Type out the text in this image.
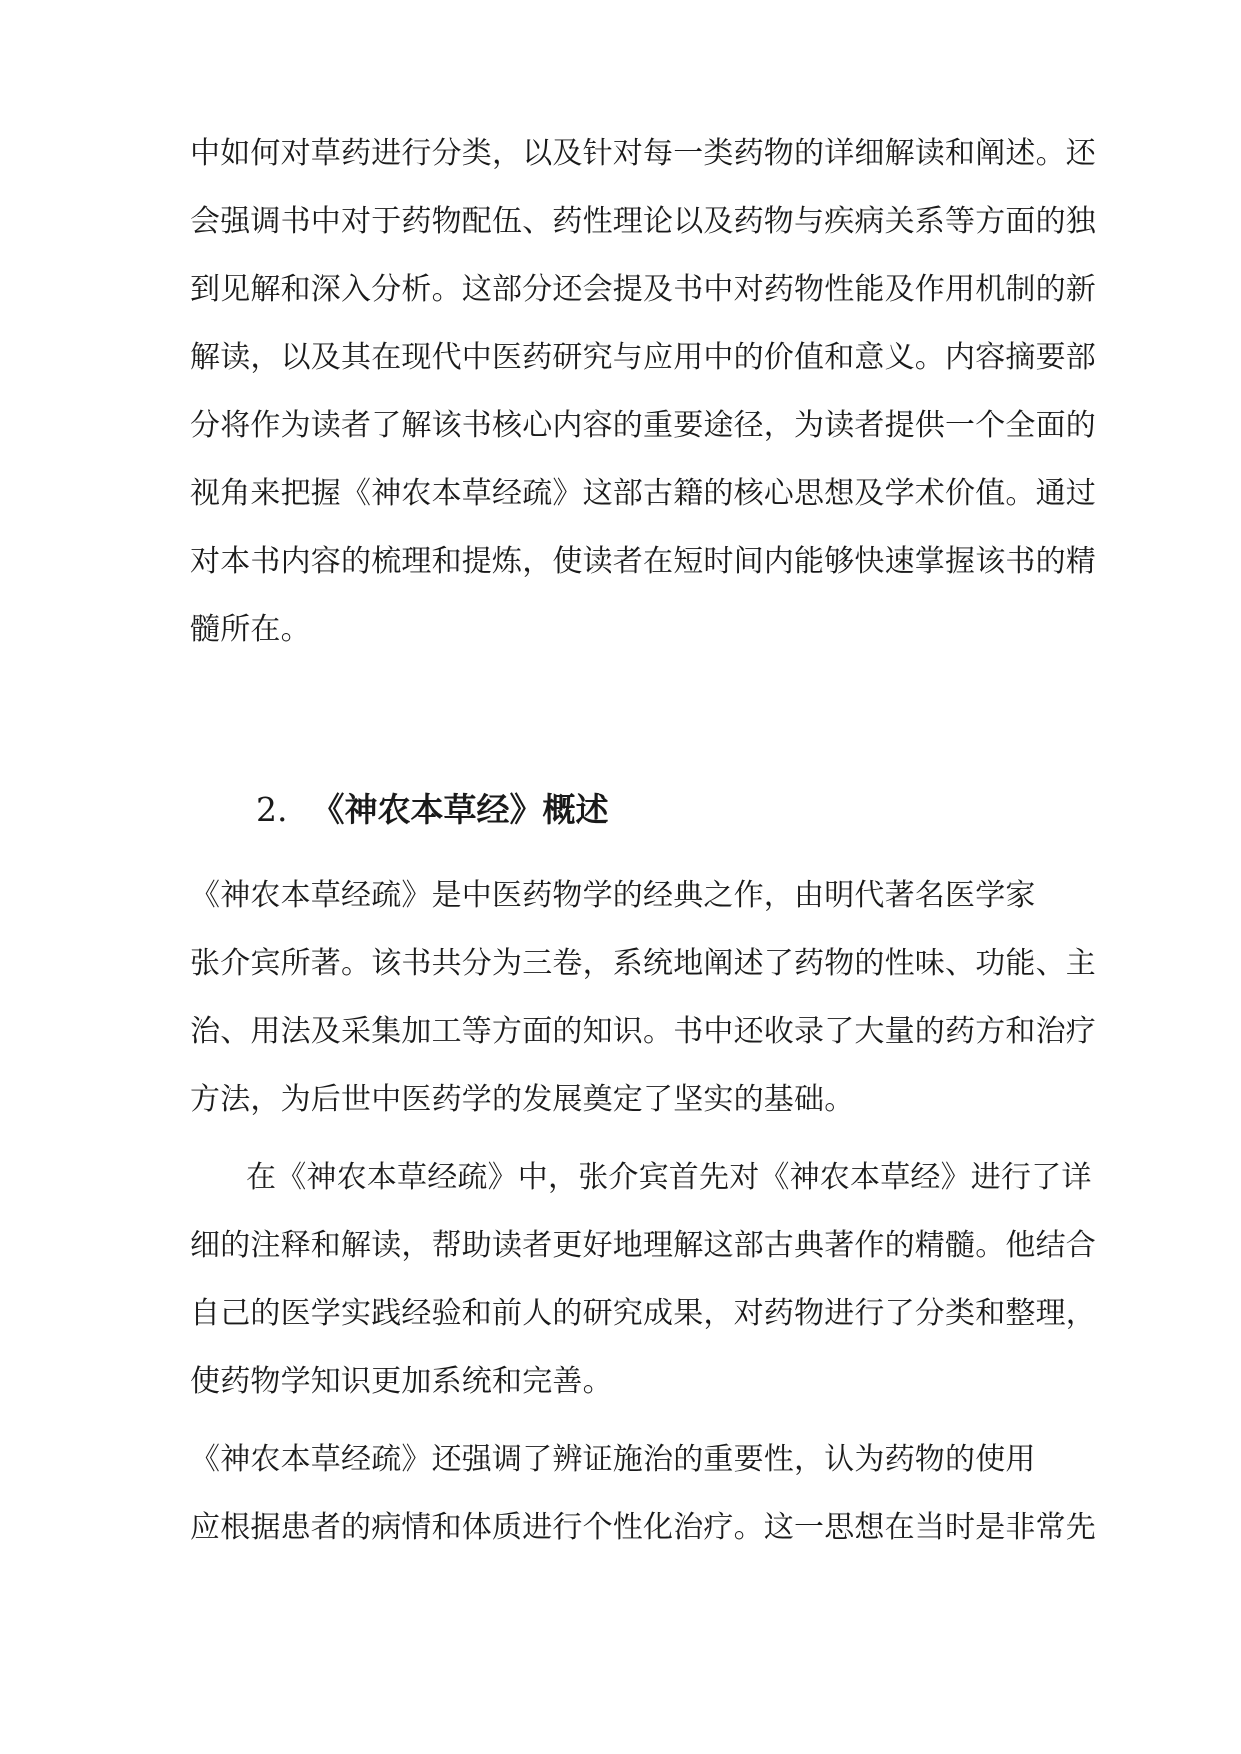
中如何对草药进行分类，以及针对每一类药物的详细解读和阐述。还
会强调书中对于药物配伍、药性理论以及药物与疾病关系等方面的独
到见解和深入分析。这部分还会提及书中对药物性能及作用机制的新
解读，以及其在现代中医药研究与应用中的价值和意义。内容摘要部
分将作为读者了解该书核心内容的重要途径，为读者提供一个全面的
视角来把握《神农本草经疏》这部古籍的核心思想及学术价值。通过
对本书内容的梳理和提炼，使读者在短时间内能够快速掌握该书的精
髓所在。
2. 《神农本草经》概述
《神农本草经疏》是中医药物学的经典之作，由明代著名医学家
张介宾所著。该书共分为三卷，系统地阐述了药物的性味、功能、主
治、用法及采集加工等方面的知识。书中还收录了大量的药方和治疗
方法，为后世中医药学的发展奠定了坚实的基础。
在《神农本草经疏》中，张介宾首先对《神农本草经》进行了详
细的注释和解读，帮助读者更好地理解这部古典著作的精髓。他结合
自己的医学实践经验和前人的研究成果，对药物进行了分类和整理，
使药物学知识更加系统和完善。
《神农本草经疏》还强调了辨证施治的重要性，认为药物的使用
应根据患者的病情和体质进行个性化治疗。这一思想在当时是非常先
